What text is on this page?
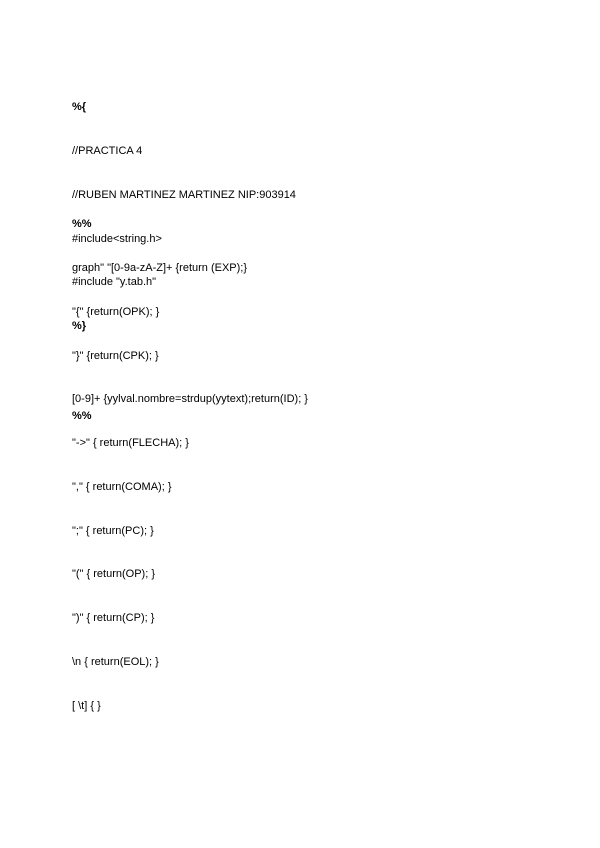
%{

//PRACTICA 4

//RUBEN MARTINEZ MARTINEZ NIP:903914

#include<string.h>

#include "y.tab.h"

%}

%%

graph" "[0-9a-zA-Z]+ {return (EXP);}

"{" {return(OPK); }

"}" {return(CPK); }

[0-9]+ {yylval.nombre=strdup(yytext);return(ID); }

"->" { return(FLECHA); }

"," { return(COMA); }

";" { return(PC); }

"(" { return(OP); }

")" { return(CP); }

\n { return(EOL); }

[ \t] { }

%%
